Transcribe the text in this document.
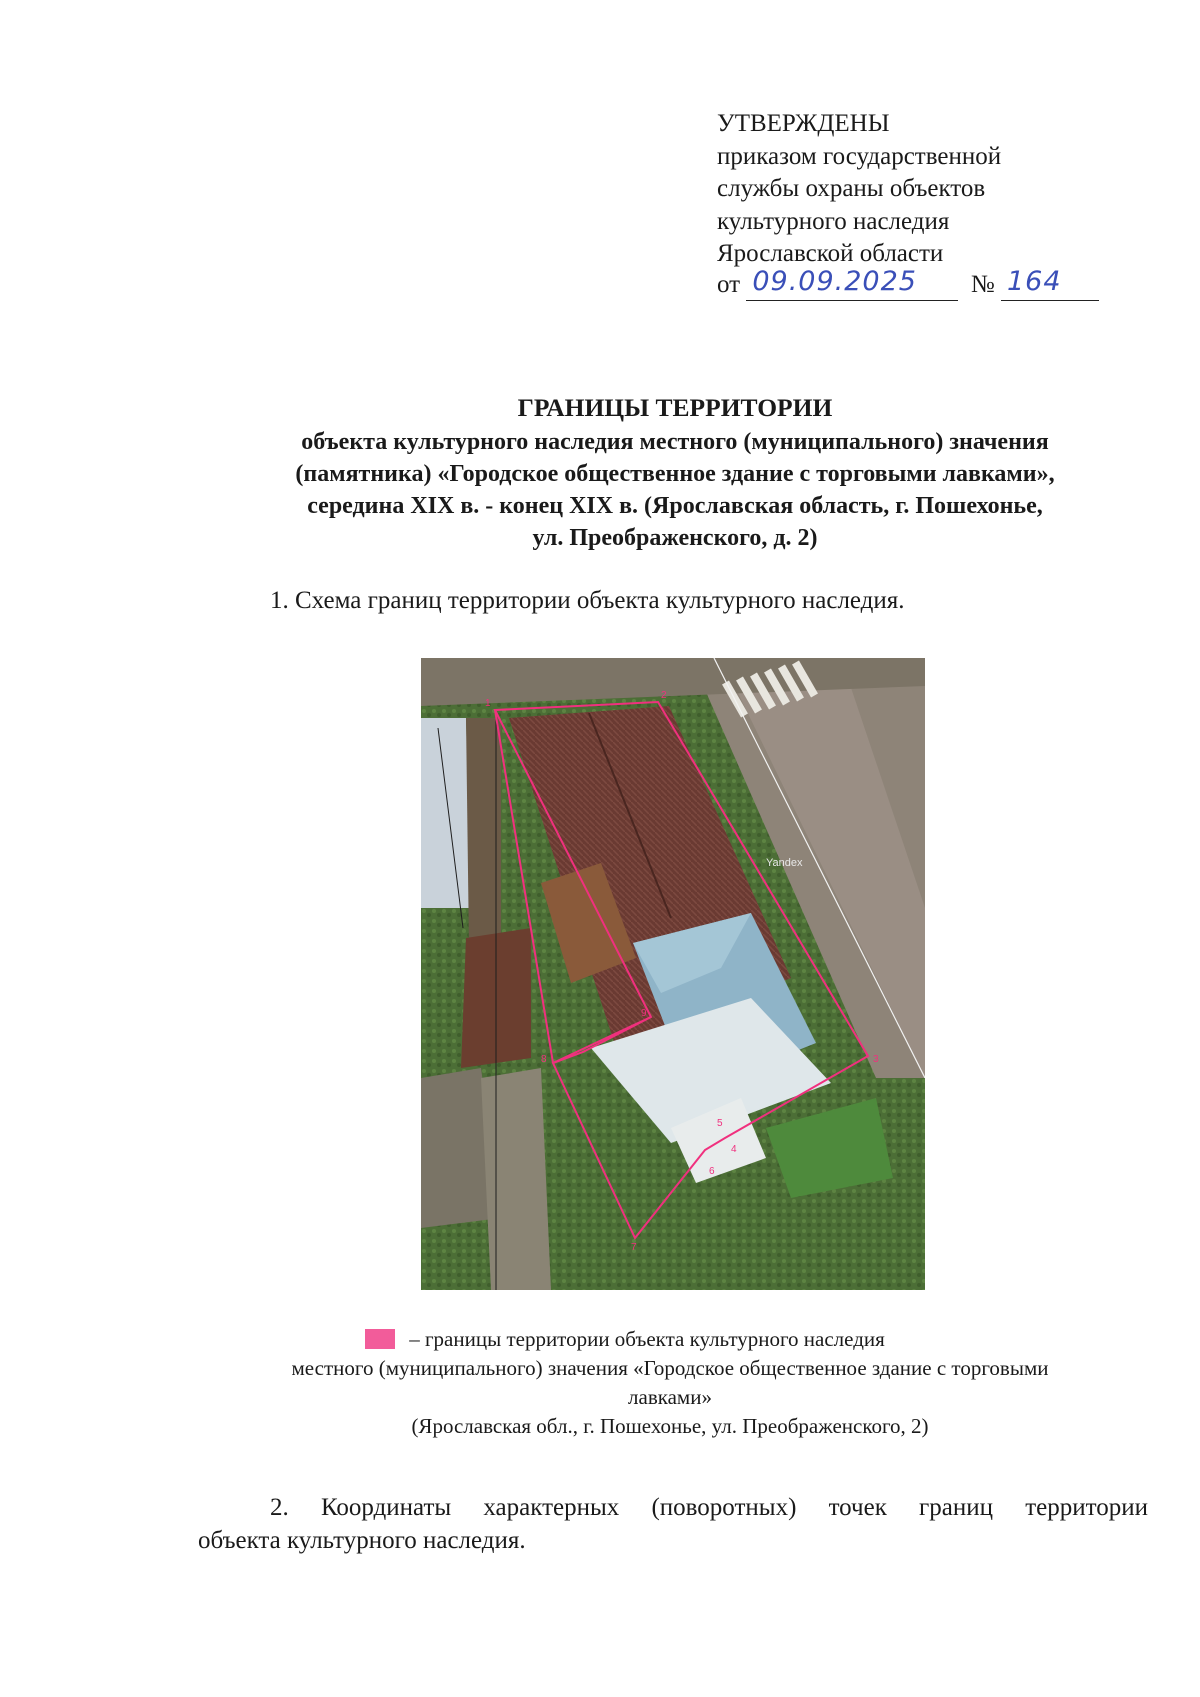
УТВЕРЖДЕНЫ
приказом государственной
службы охраны объектов
культурного наследия
Ярославской области
от 09.09.2025 № 164
ГРАНИЦЫ ТЕРРИТОРИИ
объекта культурного наследия местного (муниципального) значения
(памятника) «Городское общественное здание с торговыми лавками»,
середина XIX в. - конец XIX в. (Ярославская область, г. Пошехонье,
ул. Преображенского, д. 2)
1. Схема границ территории объекта культурного наследия.
Yandex
1
2
3
4
5
6
7
8
9
– границы территории объекта культурного наследия
местного (муниципального) значения «Городское общественное здание с торговыми
лавками»
(Ярославская обл., г. Пошехонье, ул. Преображенского, 2)
2. Координаты характерных (поворотных) точек границ территории
объекта культурного наследия.
